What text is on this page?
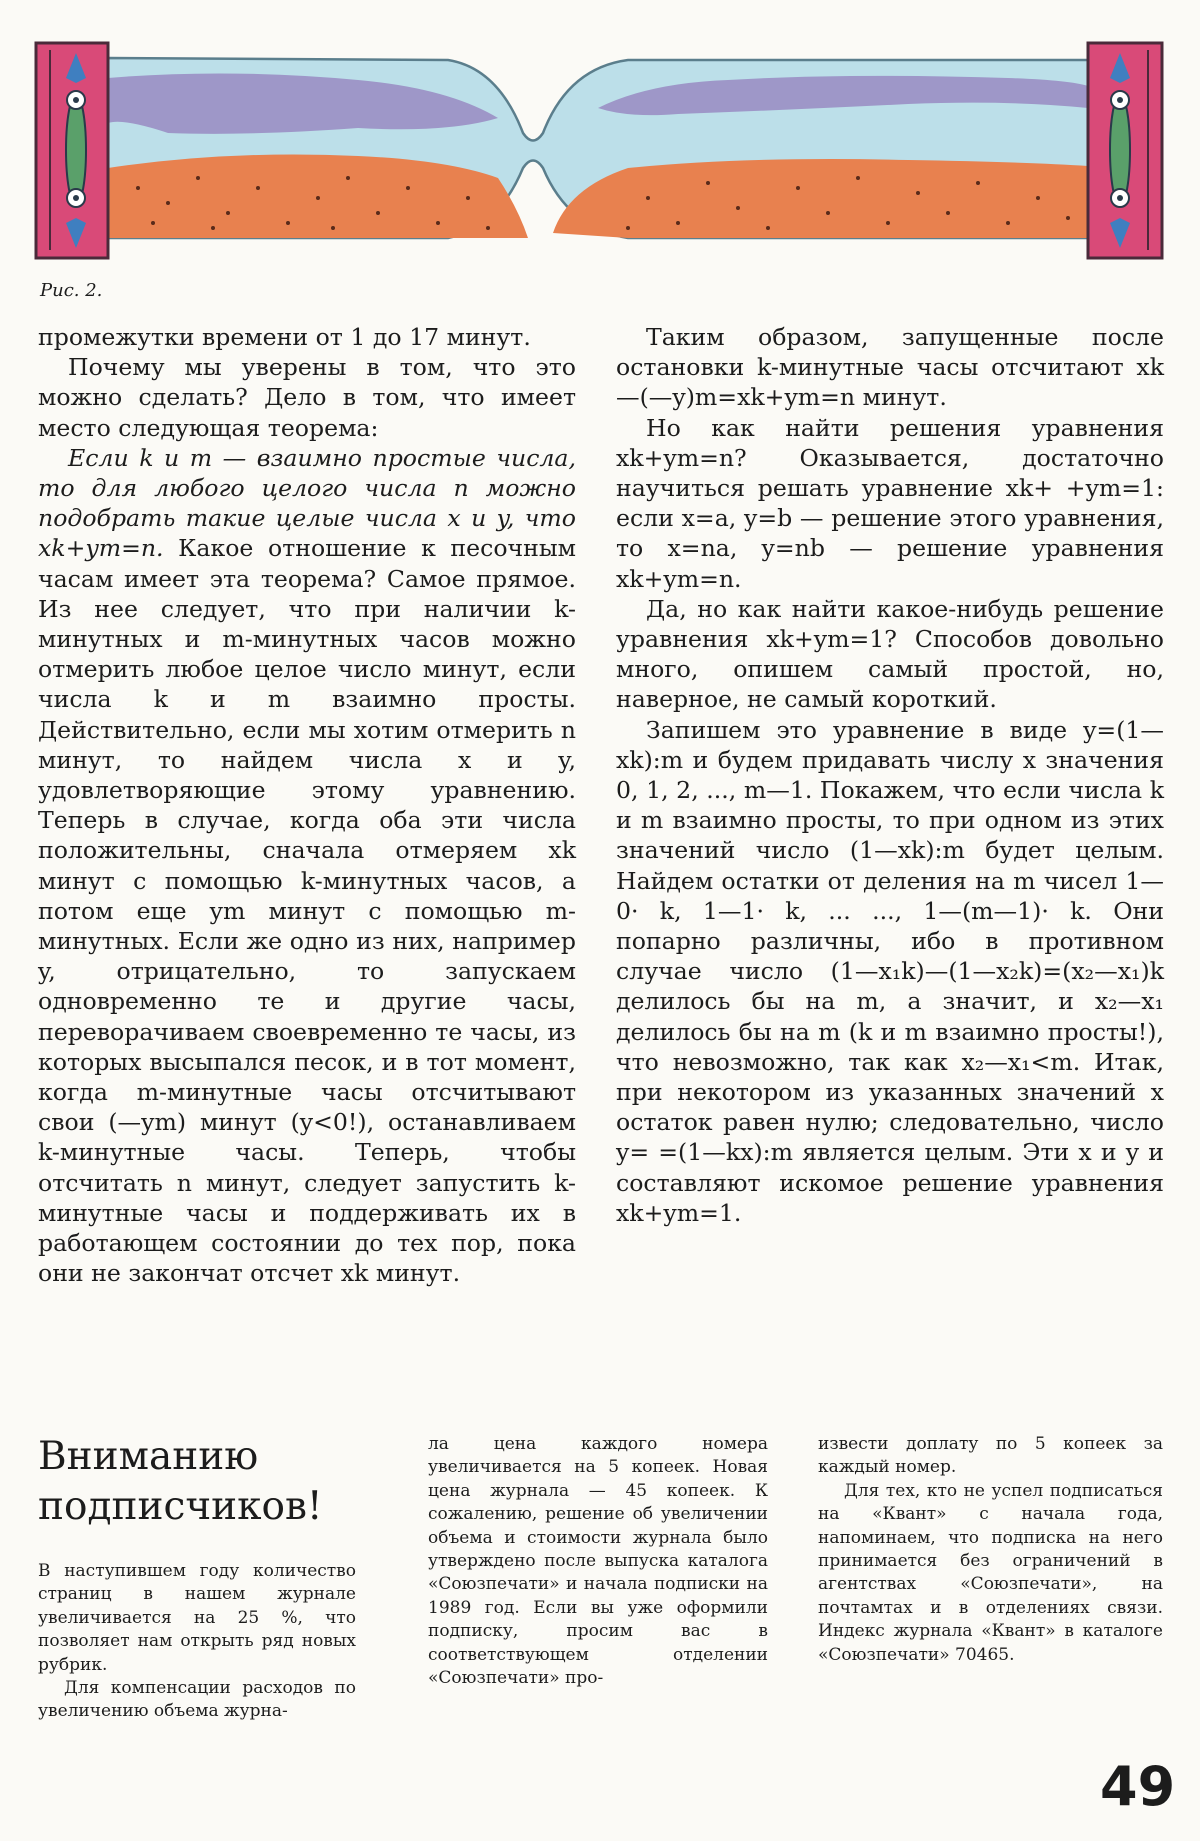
Рис. 2.

промежутки времени от 1 до 17 минут.

Почему мы уверены в том, что это можно сделать? Дело в том, что имеет место следующая теорема:

Если k и m — взаимно простые числа, то для любого целого числа n можно подобрать такие целые числа x и y, что xk+ym=n. Какое отношение к песочным часам имеет эта теорема? Самое прямое. Из нее следует, что при наличии k-минутных и m-минутных часов можно отмерить любое целое число минут, если числа k и m взаимно просты. Действительно, если мы хотим отмерить n минут, то найдем числа x и y, удовлетворяющие этому уравнению. Теперь в случае, когда оба эти числа положительны, сначала отмеряем xk минут с помощью k-минутных часов, а потом еще ym минут с помощью m-минутных. Если же одно из них, например y, отрицательно, то запускаем одновременно те и другие часы, переворачиваем своевременно те часы, из которых высыпался песок, и в тот момент, когда m-минутные часы отсчитывают свои (—ym) минут (y<0!), останавливаем k-минутные часы. Теперь, чтобы отсчитать n минут, следует запустить k-минутные часы и поддерживать их в работающем состоянии до тех пор, пока они не закончат отсчет xk минут.

Таким образом, запущенные после остановки k-минутные часы отсчитают xk—(—y)m=xk+ym=n минут.

Но как найти решения уравнения xk+ym=n? Оказывается, достаточно научиться решать уравнение xk+ +ym=1: если x=a, y=b — решение этого уравнения, то x=na, y=nb — решение уравнения xk+ym=n.

Да, но как найти какое-нибудь решение уравнения xk+ym=1? Способов довольно много, опишем самый простой, но, наверное, не самый короткий.

Запишем это уравнение в виде y=(1—xk):m и будем придавать числу x значения 0, 1, 2, ..., m—1. Покажем, что если числа k и m взаимно просты, то при одном из этих значений число (1—xk):m будет целым. Найдем остатки от деления на m чисел 1—0· k, 1—1· k, ... ..., 1—(m—1)· k. Они попарно различны, ибо в противном случае число (1—x₁k)—(1—x₂k)=(x₂—x₁)k делилось бы на m, а значит, и x₂—x₁ делилось бы на m (k и m взаимно просты!), что невозможно, так как x₂—x₁<m. Итак, при некотором из указанных значений x остаток равен нулю; следовательно, число y= =(1—kx):m является целым. Эти x и y и составляют искомое решение уравнения xk+ym=1.

Вниманию подписчиков!

В наступившем году количество страниц в нашем журнале увеличивается на 25 %, что позволяет нам открыть ряд новых рубрик.

Для компенсации расходов по увеличению объема журна-

ла цена каждого номера увеличивается на 5 копеек. Новая цена журнала — 45 копеек. К сожалению, решение об увеличении объема и стоимости журнала было утверждено после выпуска каталога «Союзпечати» и начала подписки на 1989 год. Если вы уже оформили подписку, просим вас в соответствующем отделении «Союзпечати» про-

извести доплату по 5 копеек за каждый номер.

Для тех, кто не успел подписаться на «Квант» с начала года, напоминаем, что подписка на него принимается без ограничений в агентствах «Союзпечати», на почтамтах и в отделениях связи. Индекс журнала «Квант» в каталоге «Союзпечати» 70465.

49
